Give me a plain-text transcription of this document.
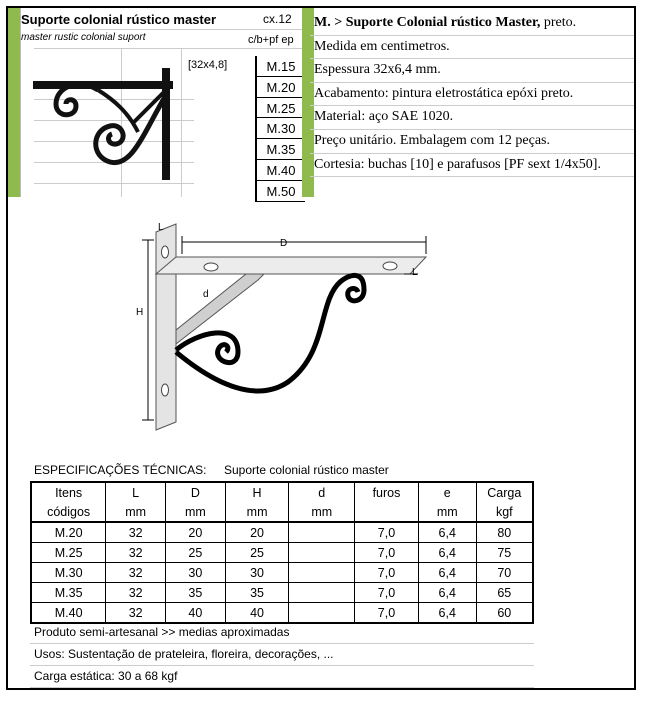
Suporte colonial rústico master	cx.12
master rustic colonial suport	c/b+pf ep
[32x4,8]	M.15
M.20
M.25
M.30
M.35
M.40
M.50
M. > Suporte Colonial rústico Master, preto.
Medida em centimetros.
Espessura 32x6,4 mm.
Acabamento: pintura eletrostática epóxi preto.
Material: aço SAE 1020.
Preço unitário. Embalagem com 12 peças.
Cortesia: buchas [10] e parafusos [PF sext 1/4x50].
L
D
L
H
d
ESPECIFICAÇÕES TÉCNICAS: Suporte colonial rústico master
Itens	L	D	H	d	furos	e	Carga
códigos	mm	mm	mm	mm		mm	kgf
M.20	32	20	20		7,0	6,4	80
M.25	32	25	25		7,0	6,4	75
M.30	32	30	30		7,0	6,4	70
M.35	32	35	35		7,0	6,4	65
M.40	32	40	40		7,0	6,4	60
Produto semi-artesanal >> medias aproximadas
Usos: Sustentação de prateleira, floreira, decorações, ...
Carga estática: 30 a 68 kgf
